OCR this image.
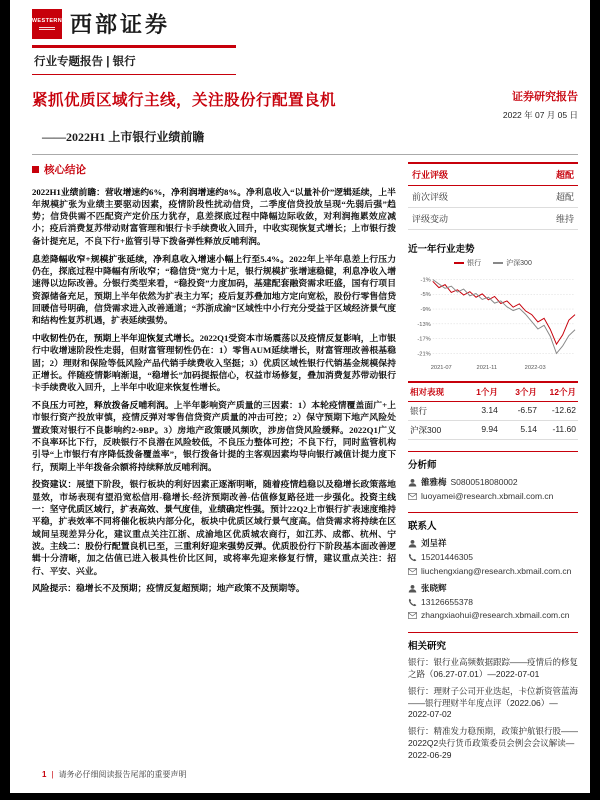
WESTERN 西部证券
行业专题报告 | 银行
紧抓优质区域行主线，关注股份行配置良机	证券研究报告
2022 年 07 月 05 日
——2022H1 上市银行业绩前瞻
核心结论

2022H1业绩前瞻：营收增速约6%，净利润增速约8%。净利息收入“以量补价”逻辑延续，上半年规模扩张为业绩主要驱动因素，疫情阶段性扰动信贷，二季度信贷投放呈现“先弱后强”趋势；信贷供需不匹配资产定价压力犹存，息差探底过程中降幅边际收敛，对利润拖累效应减小；疫后消费复苏带动财富管理和银行卡手续费收入回升，中收实现恢复式增长；上市银行拨备计提充足，不良下行+监管引导下拨备弹性释放反哺利润。

息差降幅收窄+规模扩张延续，净利息收入增速小幅上行至5.4%。2022年上半年息差上行压力仍在，探底过程中降幅有所收窄；“稳信贷”宽力十足，银行规模扩张增速稳健，利息净收入增速得以边际改善。分银行类型来看，“稳投资”力度加码，基建配套融资需求旺盛，国有行项目资源储备充足，预期上半年依然为扩表主力军；疫后复苏叠加地方定向宽松，股份行零售信贷回暖信号明确，信贷需求进入改善通道；“苏浙成渝”区域性中小行充分受益于区域经济景气度和结构性复苏机遇，扩表延续强势。

中收韧性仍在，预期上半年迎恢复式增长。2022Q1受资本市场震荡以及疫情反复影响，上市银行中收增速阶段性走弱，但财富管理韧性仍在：1）零售AUM延续增长，财富管理改善根基稳固；2）理财和保险等低风险产品代销手续费收入坚挺；3）优质区域性银行代销基金规模保持正增长。伴随疫情影响渐退，“稳增长”加码提振信心，权益市场修复，叠加消费复苏带动银行卡手续费收入回升，上半年中收迎来恢复性增长。

不良压力可控，释放拨备反哺利润。上半年影响资产质量的三因素：1）本轮疫情覆盖面广+上市银行资产投放审慎，疫情反弹对零售信贷资产质量的冲击可控；2）保守预期下地产风险处置政策对银行不良影响约2-9BP。3）房地产政策暖风频吹，涉房信贷风险缓释。2022Q1广义不良率环比下行，反映银行不良潜在风险较低，不良压力整体可控；不良下行，同时监管机构引导“上市银行有序降低拨备覆盖率”，银行拨备计提的主客观因素均导向银行减值计提力度下行，预期上半年拨备余额将持续释放反哺利润。

投资建议：展望下阶段，银行板块的利好因素正逐渐明晰，随着疫情趋稳以及稳增长政策落地显效，市场表现有望沿宽松信用-稳增长-经济预期改善-估值修复路径进一步强化。投资主线一：坚守优质区域行，扩表高效、景气度佳，业绩确定性强。预计22Q2上市银行扩表速度维持平稳，扩表效率不同将催化板块内部分化，板块中优质区域行景气度高。信贷需求将持续在区域间呈现差异分化，建议重点关注江浙、成渝地区优质城农商行，如江苏、成都、杭州、宁波。主线二：股份行配置良机已至，三重利好迎来强势反弹。优质股份行下阶段基本面改善逻辑十分清晰，加之估值已进入极具性价比区间，或将率先迎来修复行情，建议重点关注：招行、平安、兴业。

风险提示：稳增长不及预期；疫情反复超预期；地产政策不及预期等。

行业评级	超配
前次评级	超配
评级变动	维持
近一年行业走势
银行	沪深300
-1%
-5%
-9%
-13%
-17%
-21%
2021-07	2021-11	2022-03
相对表现	1个月	3个月	12个月
银行	3.14	-6.57	-12.62
沪深300	9.94	5.14	-11.60
分析师
雒雅梅 S0800518080002
luoyamei@research.xbmail.com.cn
联系人
刘呈祥
15201446305
liuchengxiang@research.xbmail.com.cn
张晓辉
13126655378
zhangxiaohui@research.xbmail.com.cn
相关研究
银行：银行业高频数据跟踪——疫情后的修复之路（06.27-07.01）—2022-07-01
银行：理财子公司开业迭起，卡位新资管蓝海——银行理财半年度点评（2022.06）—2022-07-02
银行：精准发力稳预期，政策护航银行股——2022Q2央行货币政策委员会例会会议解读—2022-06-29
1 | 请务必仔细阅读报告尾部的重要声明
